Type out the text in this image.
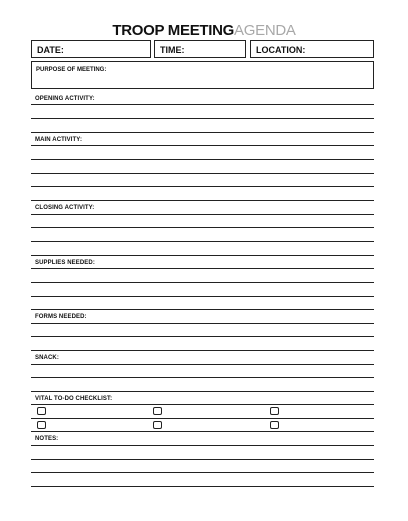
TROOP MEETINGAGENDA
DATE:	TIME:	LOCATION:
PURPOSE OF MEETING:
OPENING ACTIVITY:
MAIN ACTIVITY:
CLOSING ACTIVITY:
SUPPLIES NEEDED:
FORMS NEEDED:
SNACK:
VITAL TO-DO CHECKLIST:
NOTES:
